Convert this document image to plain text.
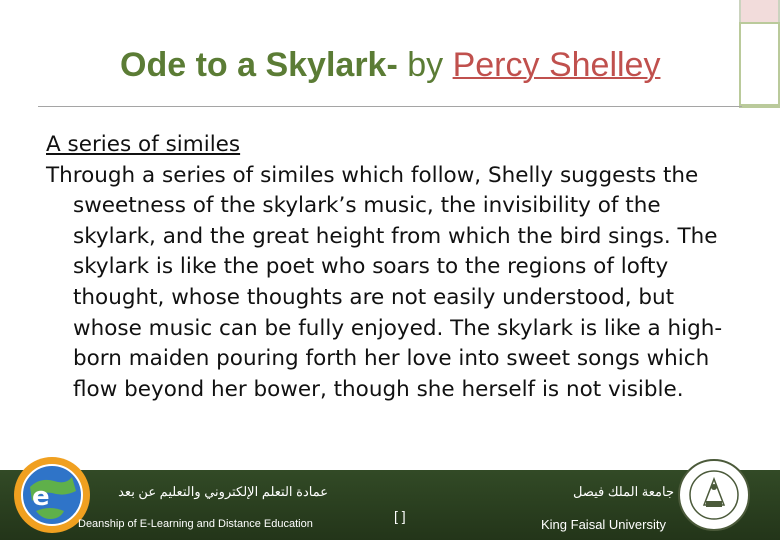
Ode to a Skylark- by Percy Shelley
A series of similes

Through a series of similes which follow, Shelly suggests the sweetness of the skylark’s music, the invisibility of the skylark, and the great height from which the bird sings. The skylark is like the poet who soars to the regions of lofty thought, whose thoughts are not easily understood, but whose music can be fully enjoyed. The skylark is like a high- born maiden pouring forth her love into sweet songs which flow beyond her bower, though she herself is not visible.

e	عمادة التعلم الإلكتروني والتعليم عن بعد
Deanship of E-Learning and Distance Education	[ ]
جامعة الملك فيصل
King Faisal University
